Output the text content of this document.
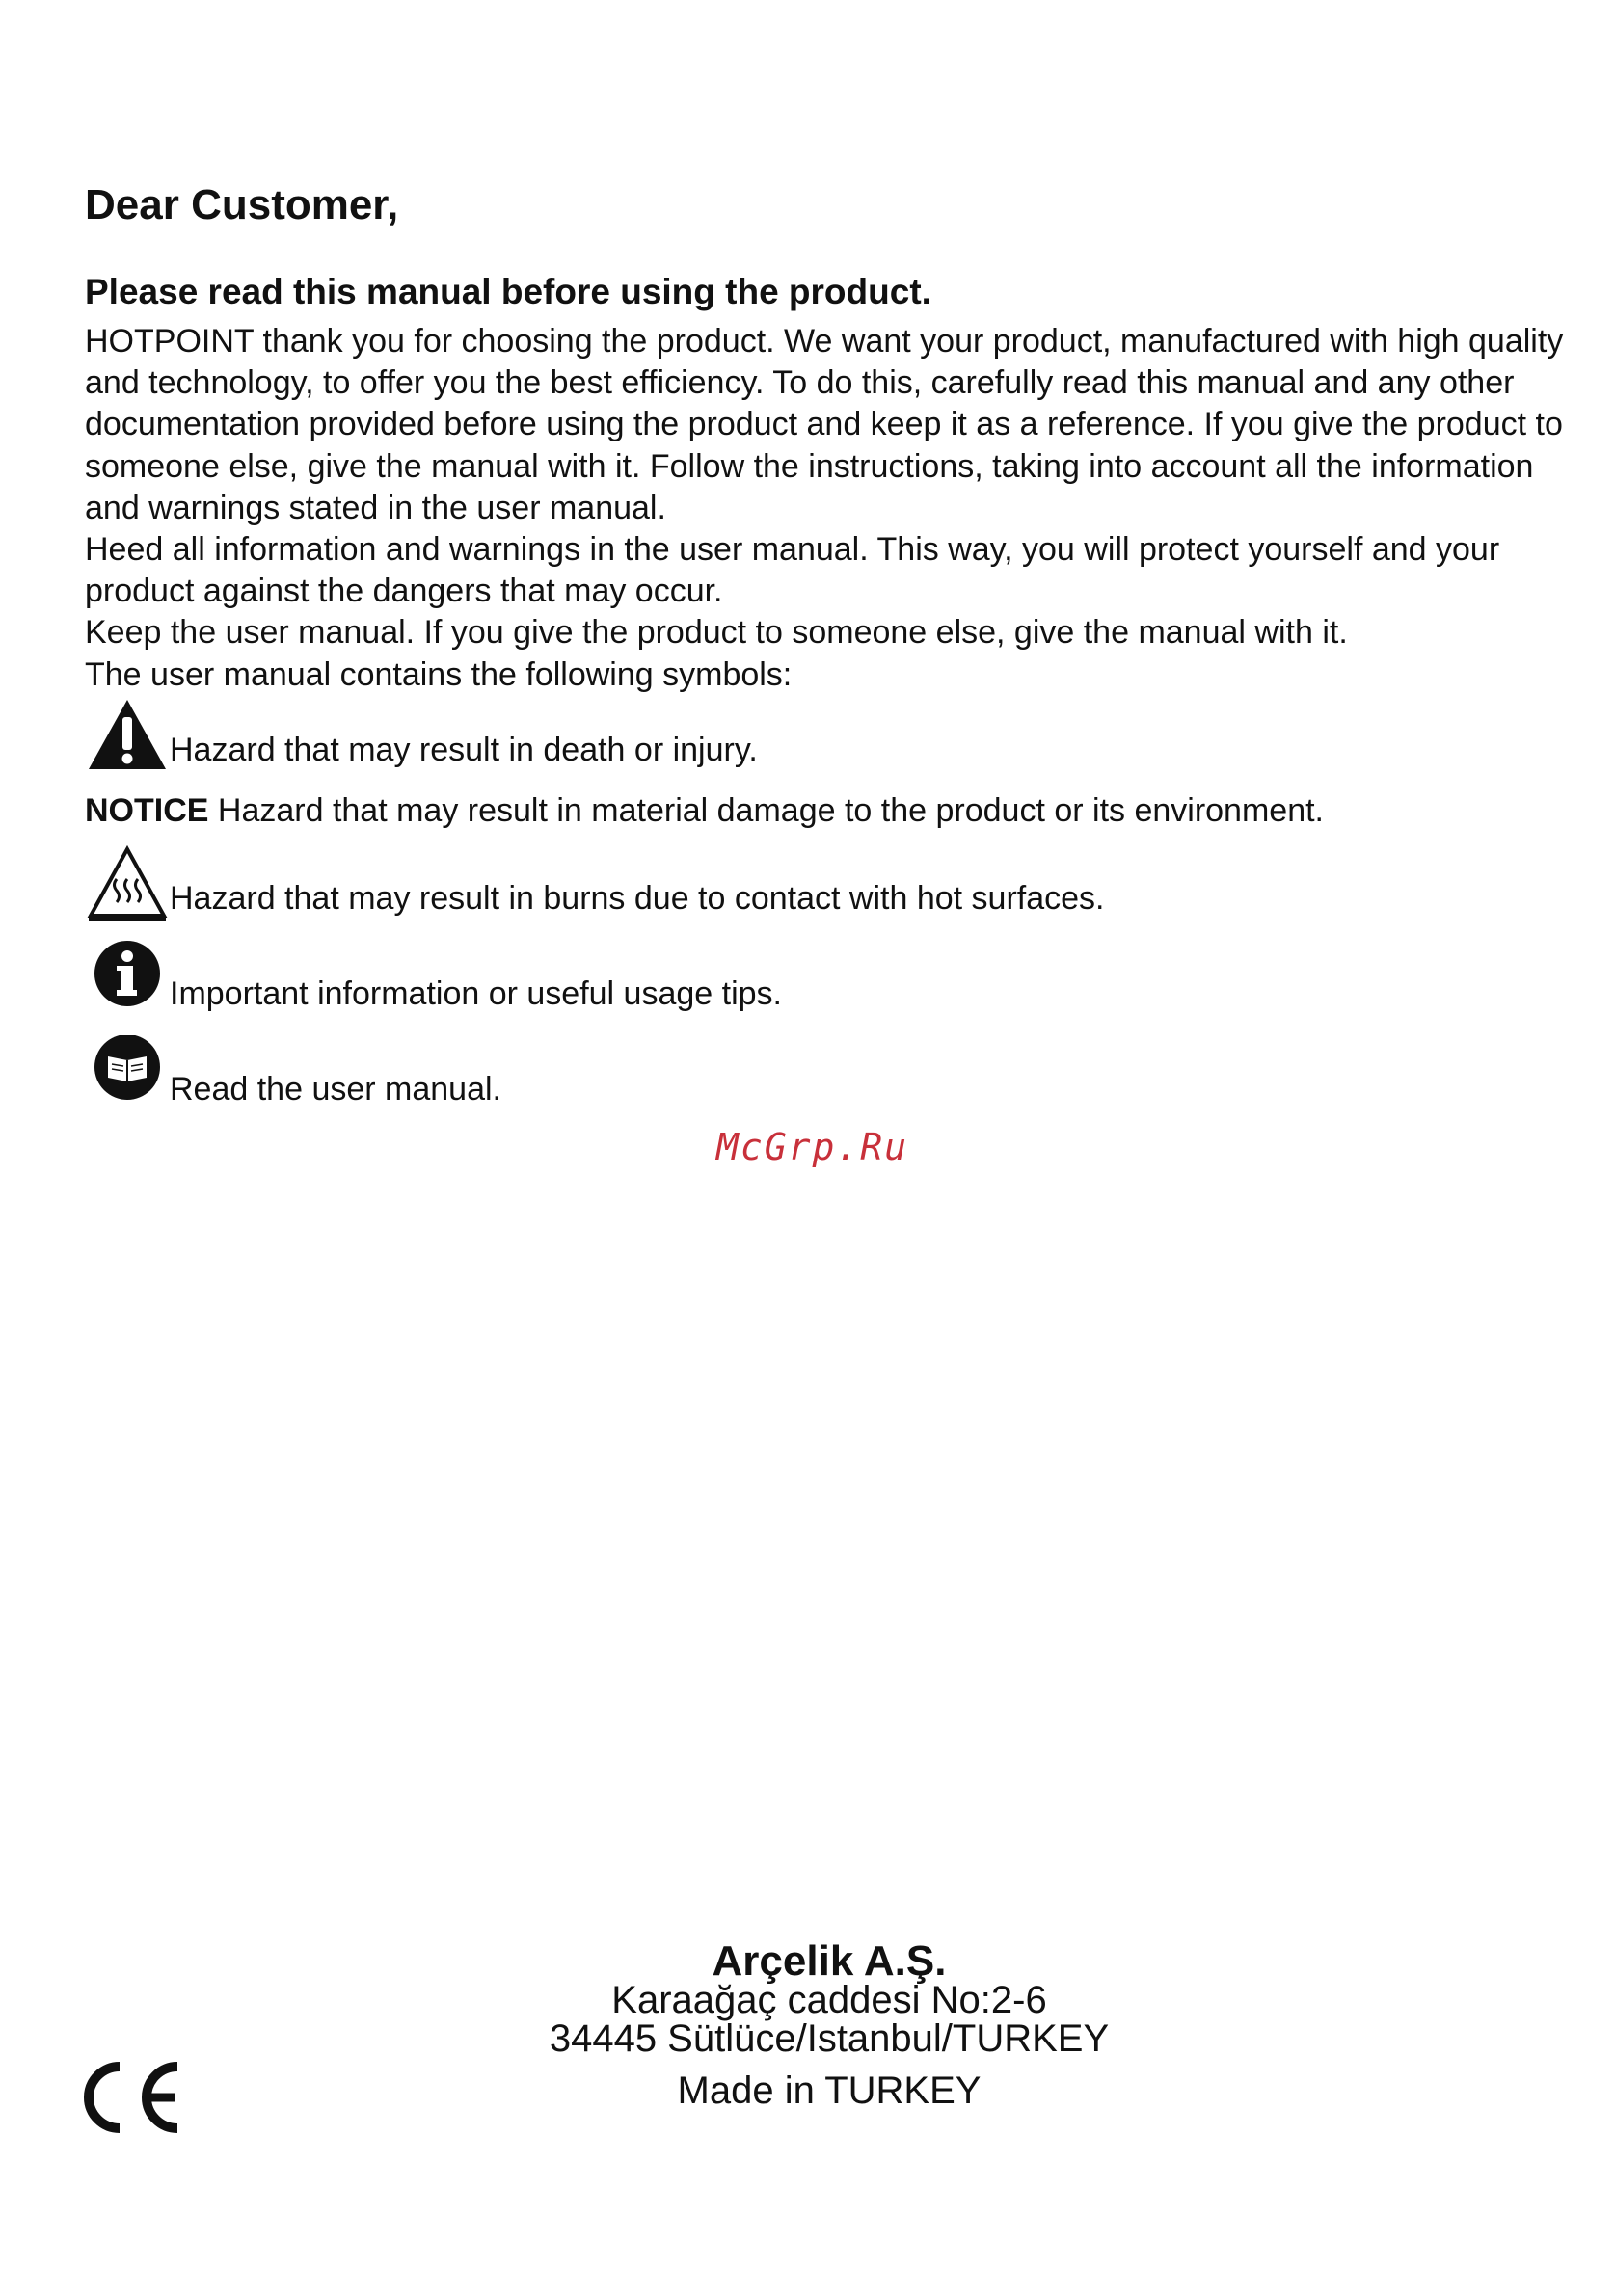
Dear Customer,
Please read this manual before using the product.

HOTPOINT thank you for choosing the product. We want your product, manufactured with high quality and technology, to offer you the best efficiency. To do this, carefully read this manual and any other documentation provided before using the product and keep it as a reference. If you give the product to someone else, give the manual with it. Follow the instructions, taking into account all the information and warnings stated in the user manual.

Heed all information and warnings in the user manual. This way, you will protect yourself and your product against the dangers that may occur.

Keep the user manual. If you give the product to someone else, give the manual with it.

The user manual contains the following symbols:

Hazard that may result in death or injury.
NOTICE Hazard that may result in material damage to the product or its environment.
Hazard that may result in burns due to contact with hot surfaces.
Important information or useful usage tips.
Read the user manual.
McGrp.Ru
Arçelik A.Ş.
Karaağaç caddesi No:2-6
34445 Sütlüce/Istanbul/TURKEY
Made in TURKEY
